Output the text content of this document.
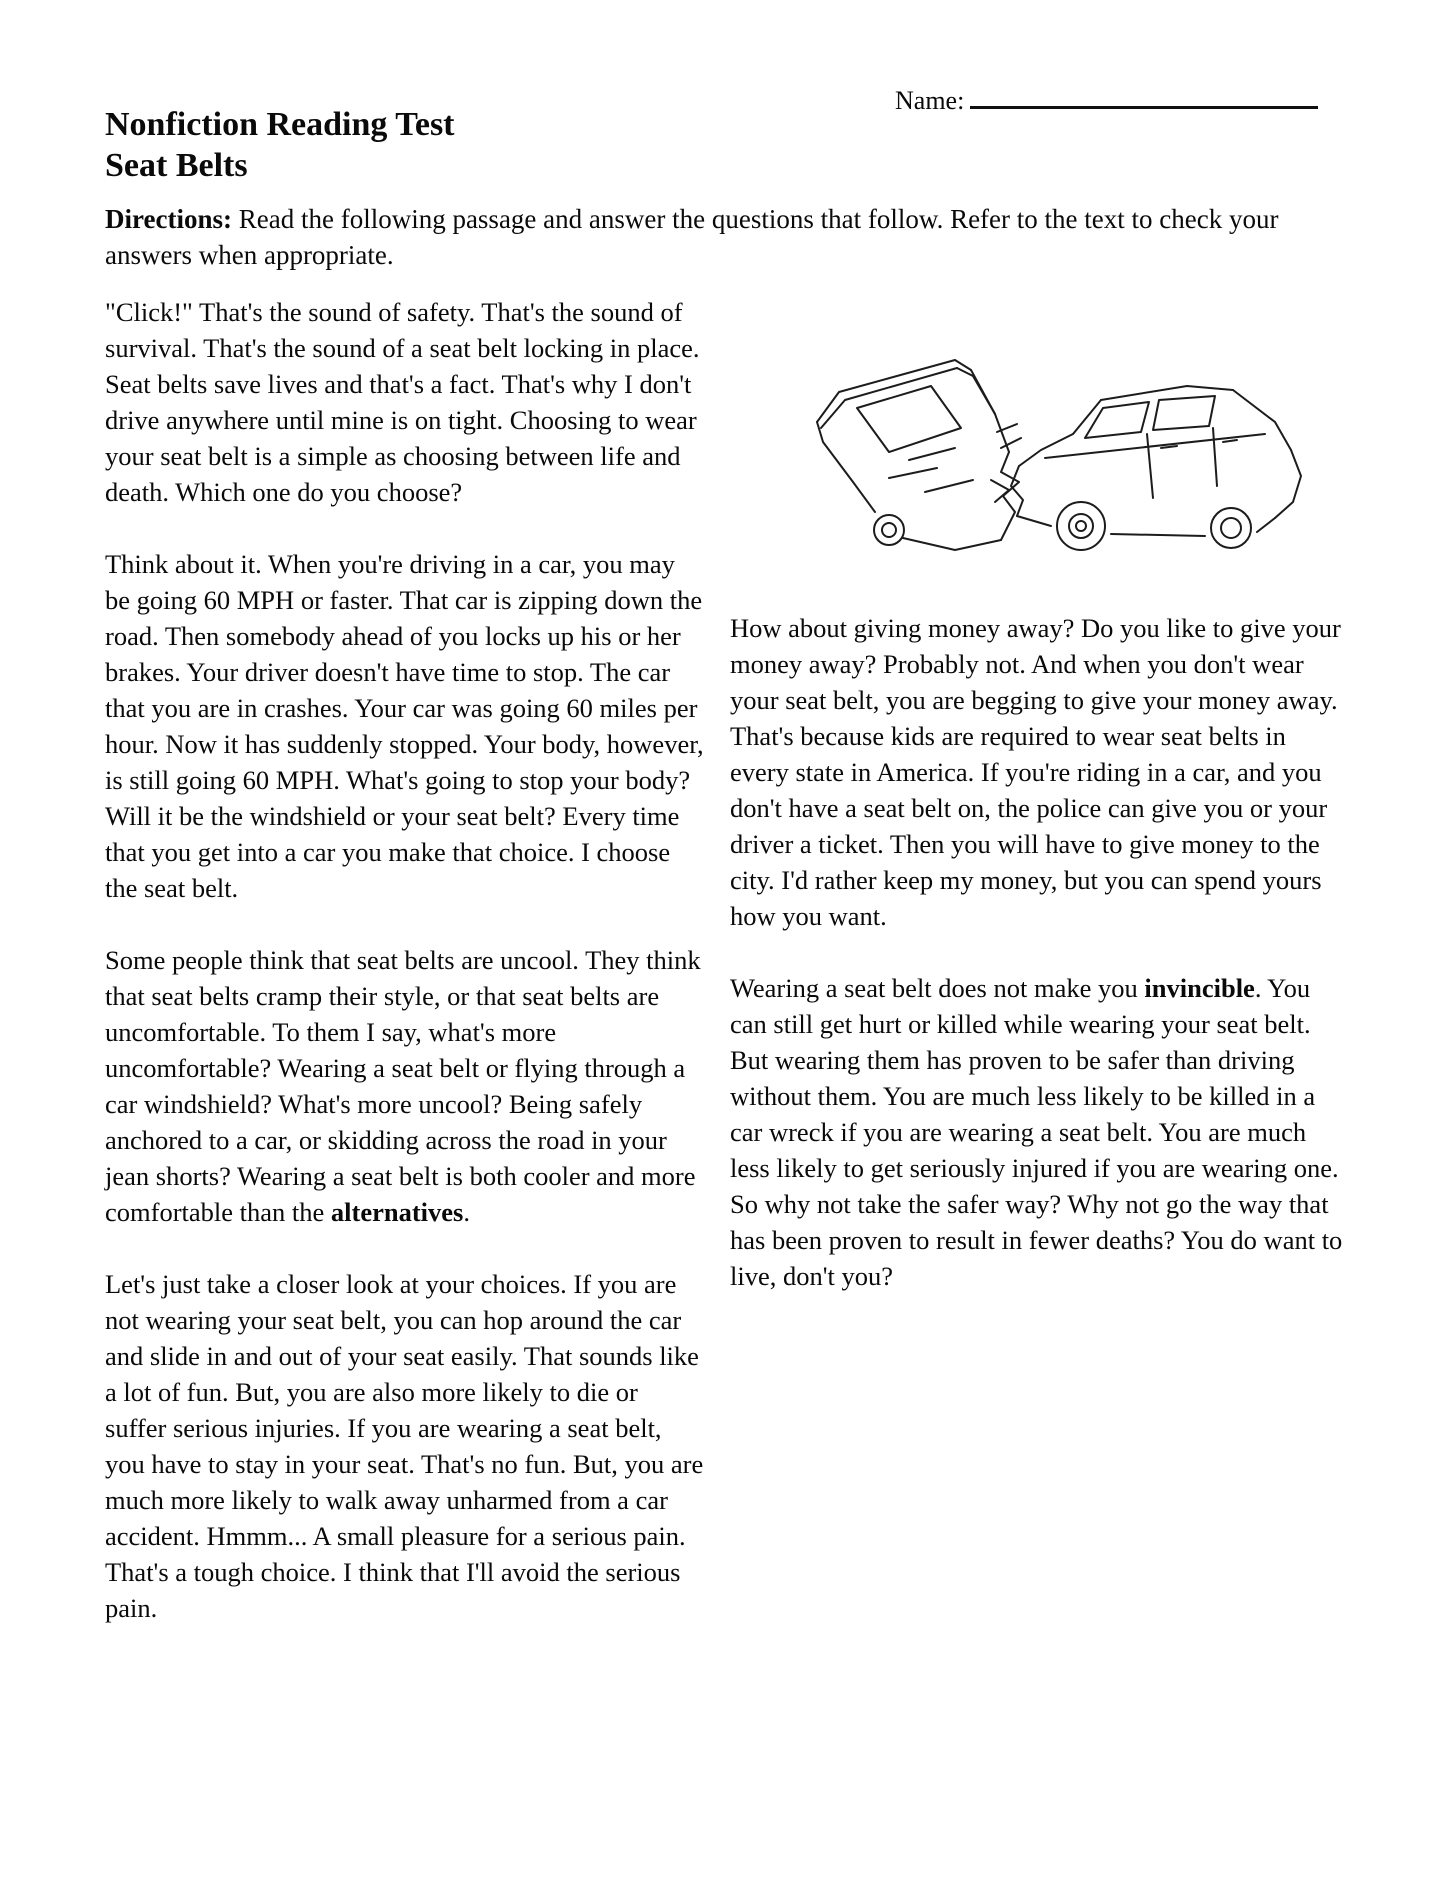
Name:
Nonfiction Reading Test
Seat Belts

Directions: Read the following passage and answer the questions that follow. Refer to the text to check your answers when appropriate.

"Click!" That's the sound of safety. That's the sound of survival. That's the sound of a seat belt locking in place. Seat belts save lives and that's a fact. That's why I don't drive anywhere until mine is on tight. Choosing to wear your seat belt is a simple as choosing between life and death. Which one do you choose?

Think about it. When you're driving in a car, you may be going 60 MPH or faster. That car is zipping down the road. Then somebody ahead of you locks up his or her brakes. Your driver doesn't have time to stop. The car that you are in crashes. Your car was going 60 miles per hour. Now it has suddenly stopped. Your body, however, is still going 60 MPH. What's going to stop your body? Will it be the windshield or your seat belt? Every time that you get into a car you make that choice. I choose the seat belt.

Some people think that seat belts are uncool. They think that seat belts cramp their style, or that seat belts are uncomfortable. To them I say, what's more uncomfortable? Wearing a seat belt or flying through a car windshield? What's more uncool? Being safely anchored to a car, or skidding across the road in your jean shorts? Wearing a seat belt is both cooler and more comfortable than the alternatives.

Let's just take a closer look at your choices. If you are not wearing your seat belt, you can hop around the car and slide in and out of your seat easily. That sounds like a lot of fun. But, you are also more likely to die or suffer serious injuries. If you are wearing a seat belt, you have to stay in your seat. That's no fun. But, you are much more likely to walk away unharmed from a car accident. Hmmm... A small pleasure for a serious pain. That's a tough choice. I think that I'll avoid the serious pain.

How about giving money away? Do you like to give your money away? Probably not. And when you don't wear your seat belt, you are begging to give your money away. That's because kids are required to wear seat belts in every state in America. If you're riding in a car, and you don't have a seat belt on, the police can give you or your driver a ticket. Then you will have to give money to the city. I'd rather keep my money, but you can spend yours how you want.

Wearing a seat belt does not make you invincible. You can still get hurt or killed while wearing your seat belt. But wearing them has proven to be safer than driving without them. You are much less likely to be killed in a car wreck if you are wearing a seat belt. You are much less likely to get seriously injured if you are wearing one. So why not take the safer way? Why not go the way that has been proven to result in fewer deaths? You do want to live, don't you?
